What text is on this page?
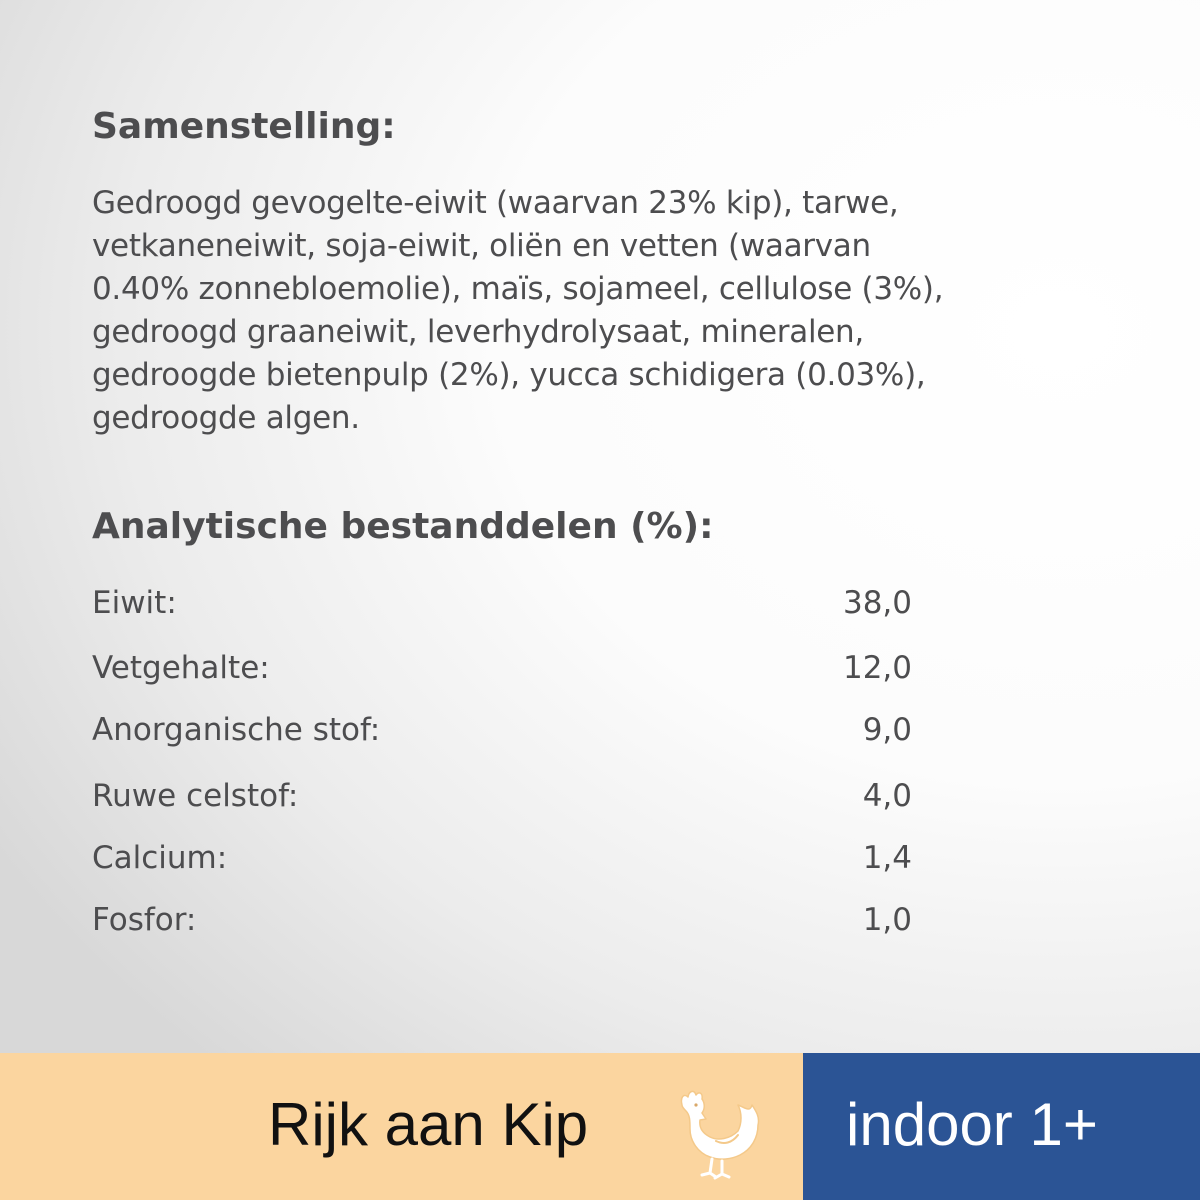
Samenstelling:
Gedroogd gevogelte-eiwit (waarvan 23% kip), tarwe,
vetkaneneiwit, soja-eiwit, oliën en vetten (waarvan
0.40% zonnebloemolie), maïs, sojameel, cellulose (3%),
gedroogd graaneiwit, leverhydrolysaat, mineralen,
gedroogde bietenpulp (2%), yucca schidigera (0.03%),
gedroogde algen.
Analytische bestanddelen (%):
Eiwit:	38,0
Vetgehalte:	12,0
Anorganische stof:	9,0
Ruwe celstof:	4,0
Calcium:	1,4
Fosfor:	1,0
Rijk aan Kip	indoor 1+
